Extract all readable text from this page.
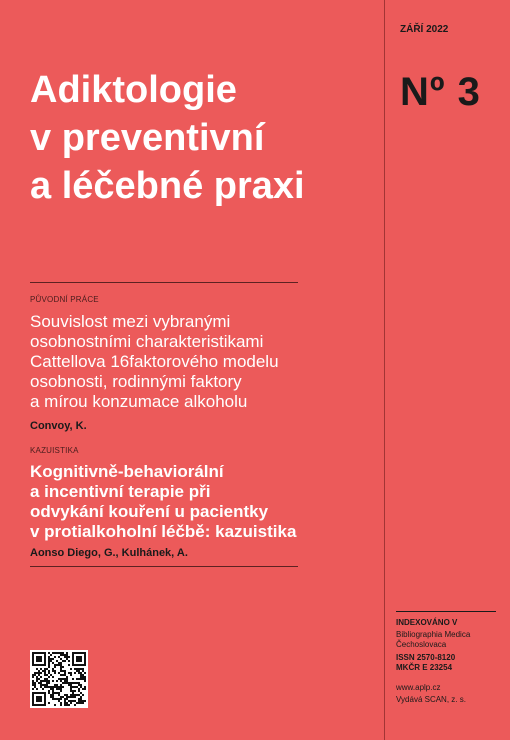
ZÁŘÍ 2022
Nº 3
Adiktologie
v preventivní
a léčebné praxi
PŮVODNÍ PRÁCE
Souvislost mezi vybranými
osobnostními charakteristikami
Cattellova 16faktorového modelu
osobnosti, rodinnými faktory
a mírou konzumace alkoholu
Convoy, K.
KAZUISTIKA
Kognitivně-behaviorální
a incentivní terapie při
odvykání kouření u pacientky
v protialkoholní léčbě: kazuistika
Aonso Diego, G., Kulhánek, A.
INDEXOVÁNO V
Bibliographia Medica
Čechoslovaca
ISSN 2570-8120
MKČR E 23254
www.aplp.cz
Vydává SCAN, z. s.
